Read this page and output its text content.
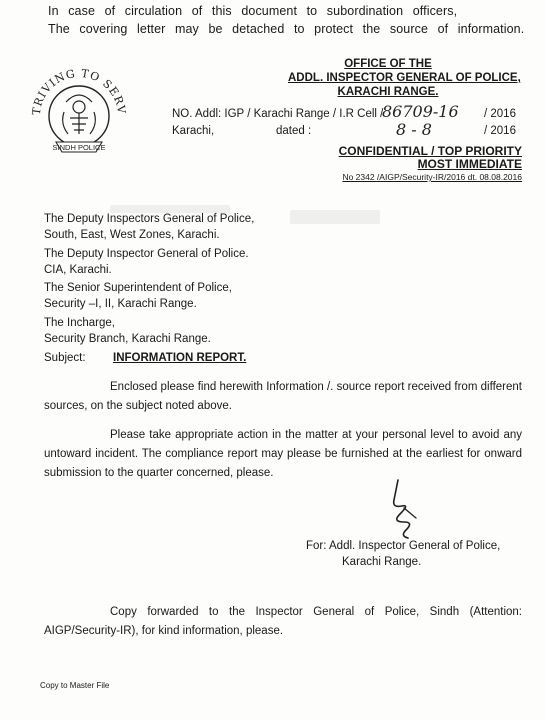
In case of circulation of this document to subordination officers,
The covering letter may be detached to protect the source of information.
TRIVING TO SERV
SINDH POLICE
OFFICE OF THE
ADDL. INSPECTOR GENERAL OF POLICE,
KARACHI RANGE.
NO. Addl: IGP / Karachi Range / I.R Cell /
86709-16 / 2016
Karachi,	dated :	8 - 8	/ 2016
CONFIDENTIAL / TOP PRIORITY
MOST IMMEDIATE
No 2342 /AIGP/Security-IR/2016 dt. 08.08.2016
The Deputy Inspectors General of Police,
South, East, West Zones, Karachi.
The Deputy Inspector General of Police.
CIA, Karachi.
The Senior Superintendent of Police,
Security –I, II, Karachi Range.
The Incharge,
Security Branch, Karachi Range.
Subject: INFORMATION REPORT.
Enclosed please find herewith Information /. source report received from different sources, on the subject noted above.
Please take appropriate action in the matter at your personal level to avoid any untoward incident. The compliance report may please be furnished at the earliest for onward submission to the quarter concerned, please.
For: Addl. Inspector General of Police,
Karachi Range.
Copy forwarded to the Inspector General of Police, Sindh (Attention: AIGP/Security-IR), for kind information, please.
Copy to Master File
